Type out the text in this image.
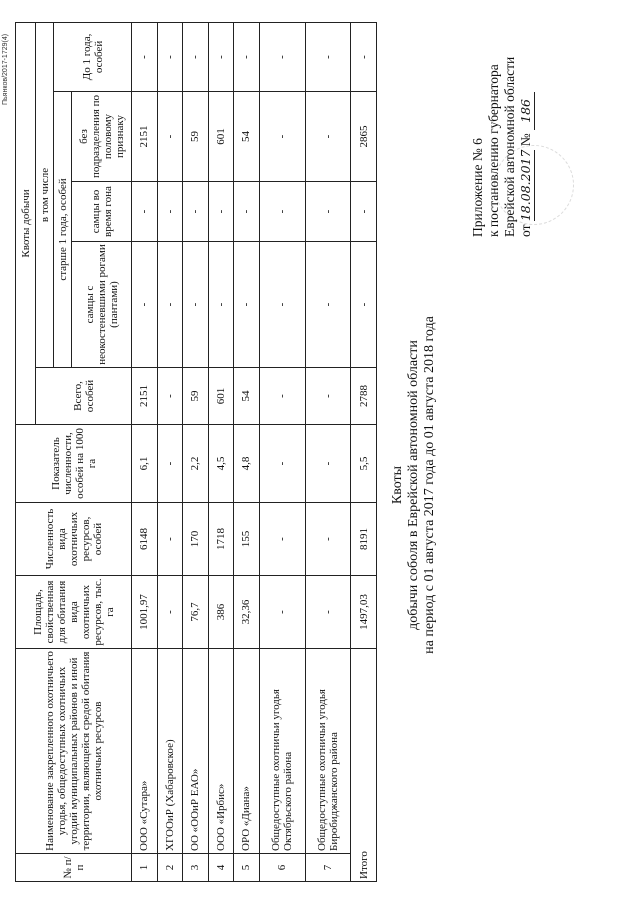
Пьянков/2017-1729(4)
№ п/п	Наименование закрепленного охотничьего угодья, общедоступных охотничьих угодий муниципальных районов и иной территории, являющейся средой обитания охотничьих ресурсов	Площадь, свойственная для обитания вида охотничьих ресурсов, тыс. га	Численность вида охотничьих ресурсов, особей	Показатель численности, особей на 1000 га	Квоты добычи				
					Всего, особей	в том числе			
						старше 1 года, особей			До 1 года, особей
						самцы с неокостеневшими рогами (пантами)	самцы во время гона	без подразделения по половому признаку	
1	ООО «Сутара»	1001,97	6148	6,1	2151	-	-	2151	-
2	ХГООиР (Хабаровское)	-	-	-	-	-	-	-	-
3	ОО «ООиР ЕАО»	76,7	170	2,2	59	-	-	59	-
4	ООО «Ирбис»	386	1718	4,5	601	-	-	601	-
5	ОРО «Диана»	32,36	155	4,8	54	-	-	54	-
6	Общедоступные охотничьи угодья Октябрьского района	-	-	-	-	-	-	-	-
7	Общедоступные охотничьи угодья Биробиджанского района	-	-	-	-	-	-	-	-
Итого		1497,03	8191	5,5	2788	-	-	2865	-
Квоты добычи соболя в Еврейской автономной области на период с 01 августа 2017 года до 01 августа 2018 года
Приложение № 6 к постановлению губернатора Еврейской автономной области от 18.08.2017 № 186
